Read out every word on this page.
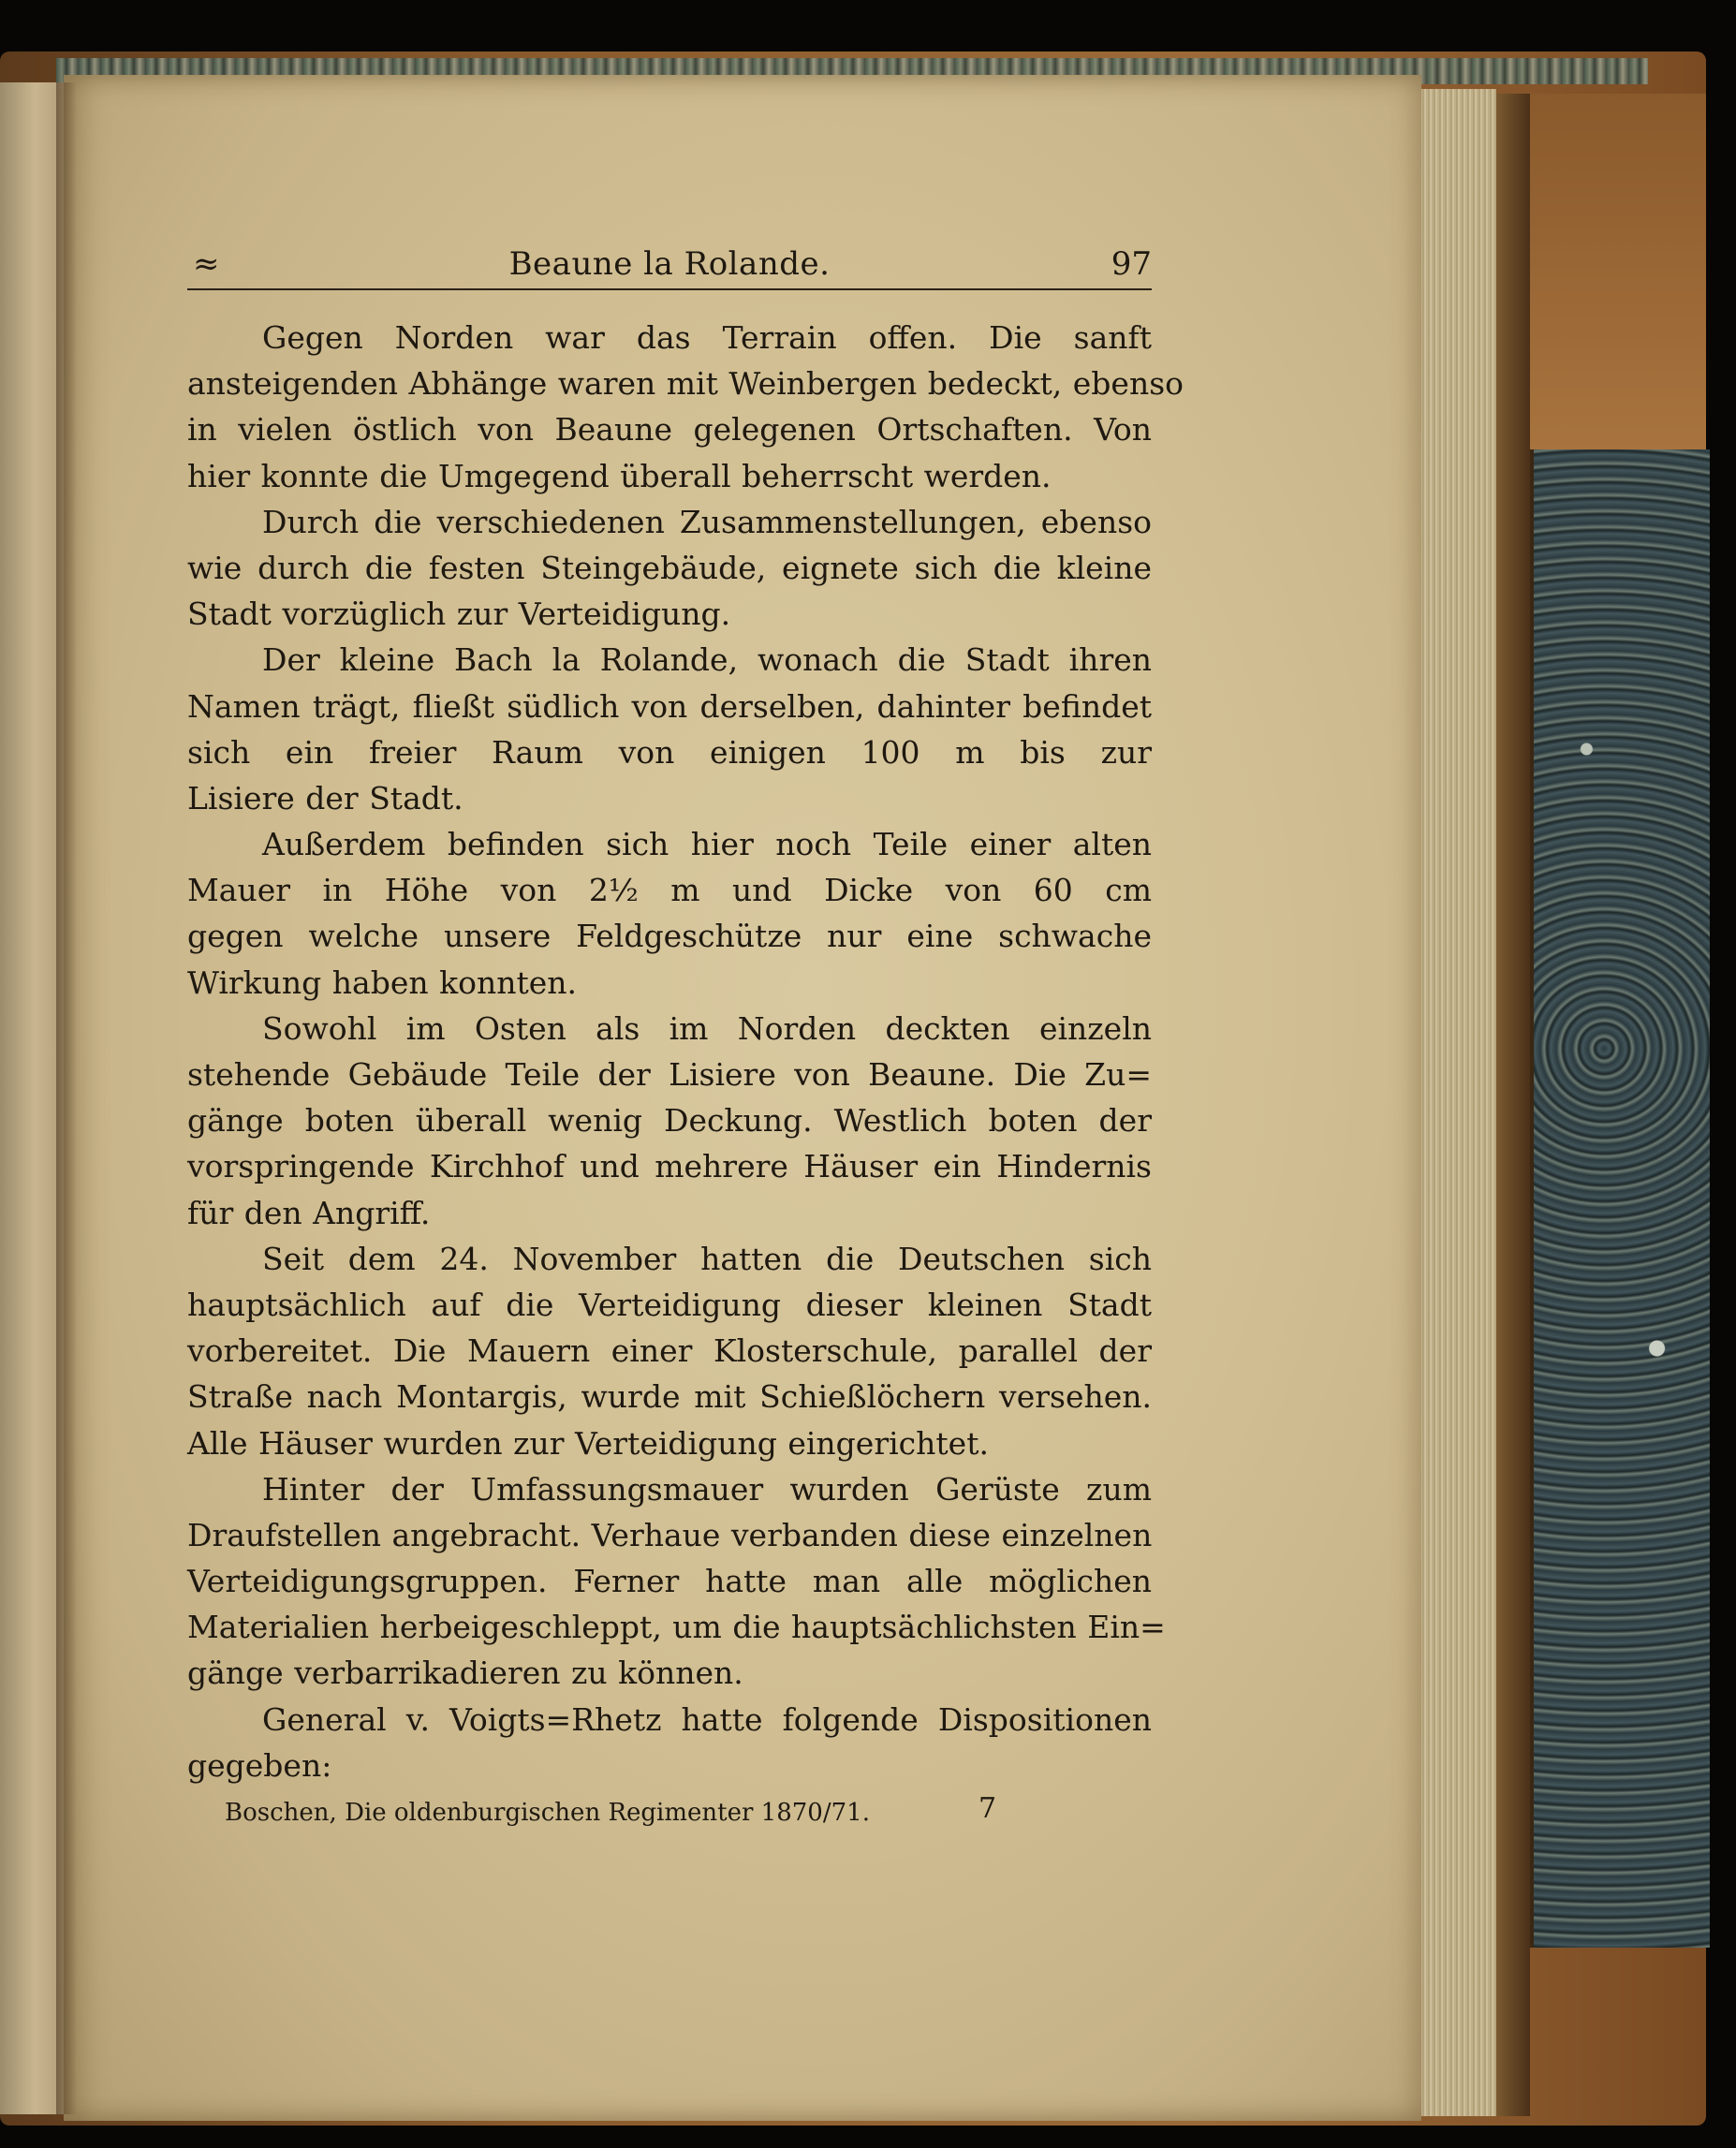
≈	Beaune la Rolande.	97
Gegen Norden war das Terrain offen. Die sanft
ansteigenden Abhänge waren mit Weinbergen bedeckt, ebenso
in vielen östlich von Beaune gelegenen Ortschaften. Von
hier konnte die Umgegend überall beherrscht werden.
Durch die verschiedenen Zusammenstellungen, ebenso
wie durch die festen Steingebäude, eignete sich die kleine
Stadt vorzüglich zur Verteidigung.
Der kleine Bach la Rolande, wonach die Stadt ihren
Namen trägt, fließt südlich von derselben, dahinter befindet
sich ein freier Raum von einigen 100 m bis zur
Lisiere der Stadt.
Außerdem befinden sich hier noch Teile einer alten
Mauer in Höhe von 2½ m und Dicke von 60 cm
gegen welche unsere Feldgeschütze nur eine schwache
Wirkung haben konnten.
Sowohl im Osten als im Norden deckten einzeln
stehende Gebäude Teile der Lisiere von Beaune. Die Zu=
gänge boten überall wenig Deckung. Westlich boten der
vorspringende Kirchhof und mehrere Häuser ein Hindernis
für den Angriff.
Seit dem 24. November hatten die Deutschen sich
hauptsächlich auf die Verteidigung dieser kleinen Stadt
vorbereitet. Die Mauern einer Klosterschule, parallel der
Straße nach Montargis, wurde mit Schießlöchern versehen.
Alle Häuser wurden zur Verteidigung eingerichtet.
Hinter der Umfassungsmauer wurden Gerüste zum
Draufstellen angebracht. Verhaue verbanden diese einzelnen
Verteidigungsgruppen. Ferner hatte man alle möglichen
Materialien herbeigeschleppt, um die hauptsächlichsten Ein=
gänge verbarrikadieren zu können.
General v. Voigts=Rhetz hatte folgende Dispositionen
gegeben:
Boschen, Die oldenburgischen Regimenter 1870/71.	7
